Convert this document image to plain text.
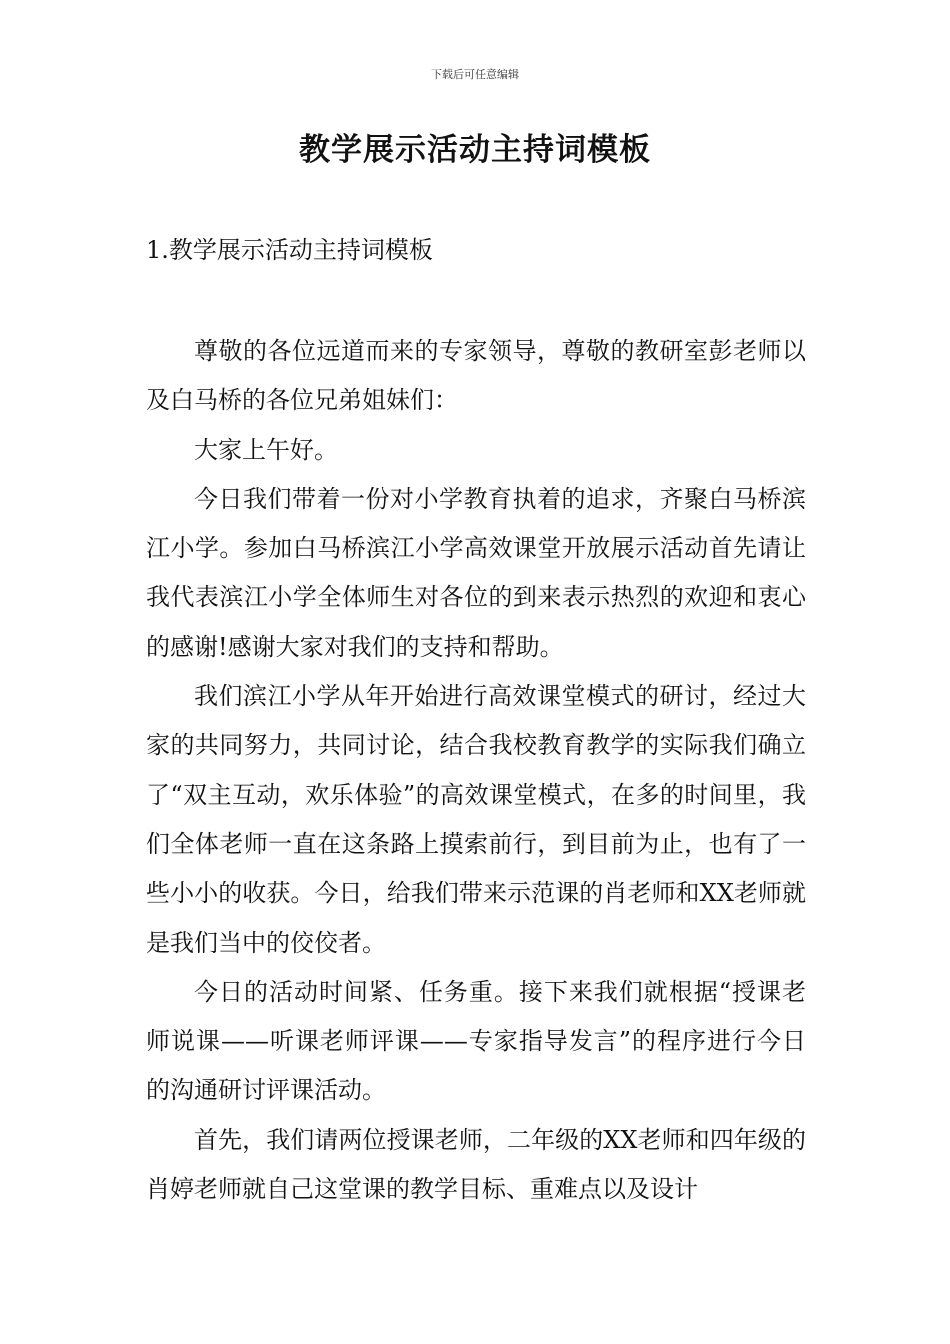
下载后可任意编辑
教学展示活动主持词模板
1.教学展示活动主持词模板

尊敬的各位远道而来的专家领导，尊敬的教研室彭老师以及白马桥的各位兄弟姐妹们：

大家上午好。

今日我们带着一份对小学教育执着的追求，齐聚白马桥滨江小学。参加白马桥滨江小学高效课堂开放展示活动首先请让我代表滨江小学全体师生对各位的到来表示热烈的欢迎和衷心的感谢!感谢大家对我们的支持和帮助。

我们滨江小学从年开始进行高效课堂模式的研讨，经过大家的共同努力，共同讨论，结合我校教育教学的实际我们确立了“双主互动，欢乐体验”的高效课堂模式，在多的时间里，我们全体老师一直在这条路上摸索前行，到目前为止，也有了一些小小的收获。今日，给我们带来示范课的肖老师和XX老师就是我们当中的佼佼者。

今日的活动时间紧、任务重。接下来我们就根据“授课老师说课——听课老师评课——专家指导发言”的程序进行今日的沟通研讨评课活动。

首先，我们请两位授课老师，二年级的XX老师和四年级的肖婷老师就自己这堂课的教学目标、重难点以及设计
